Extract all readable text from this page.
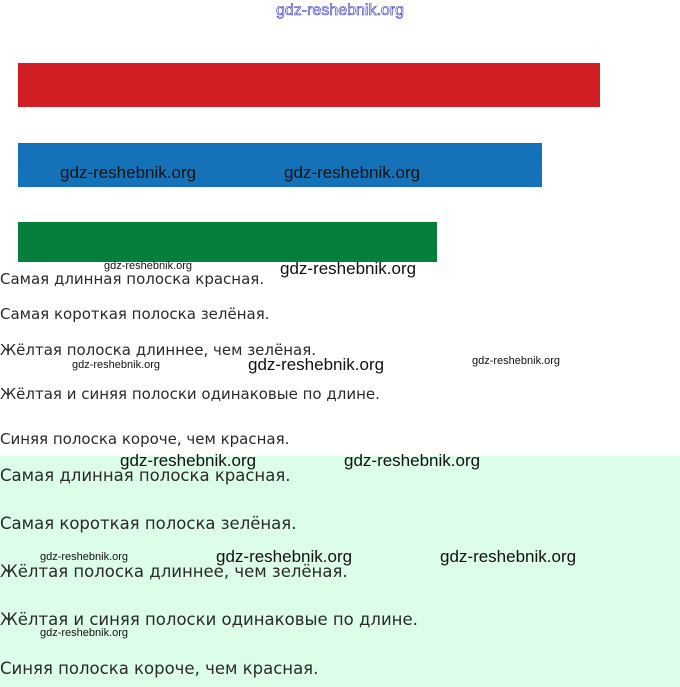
gdz-reshebnik.org
Самая длинная полоска красная.
Самая короткая полоска зелёная.
Жёлтая полоска длиннее, чем зелёная.
Жёлтая и синяя полоски одинаковые по длине.
Синяя полоска короче, чем красная.
Самая длинная полоска красная.
Самая короткая полоска зелёная.
Жёлтая полоска длиннее, чем зелёная.
Жёлтая и синяя полоски одинаковые по длине.
Синяя полоска короче, чем красная.
gdz-reshebnik.org	gdz-reshebnik.org
gdz-reshebnik.org	gdz-reshebnik.org
gdz-reshebnik.org	gdz-reshebnik.org	gdz-reshebnik.org
gdz-reshebnik.org	gdz-reshebnik.org
gdz-reshebnik.org	gdz-reshebnik.org	gdz-reshebnik.org
gdz-reshebnik.org
